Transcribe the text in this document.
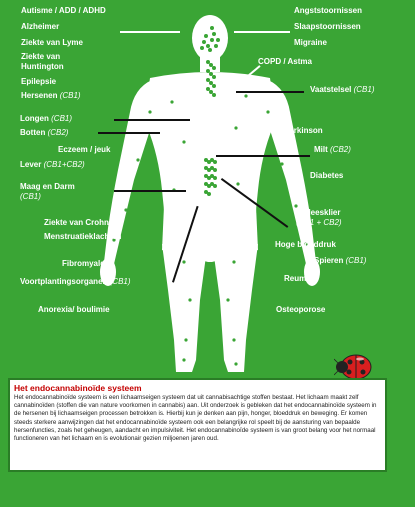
Autisme / ADD / ADHD
Alzheimer
Ziekte van Lyme
Ziekte van Huntington
Epilepsie
Hersenen (CB1)
Longen (CB1)
Botten (CB2)
Eczeem / jeuk
Lever (CB1+CB2)
Maag en Darm
(CB1)
Ziekte van Crohn
Menstruatieklachten
Fibromyalgie
Voortplantingsorganen (CB1)
Anorexia/ boulimie
Angststoornissen
Slaapstoornissen
Migraine
COPD / Astma
Vaatstelsel (CB1)
Parkinson
Milt (CB2)
Diabetes
Alvleesklier
(CB1 + CB2)
Hoge bloeddruk
Spieren (CB1)
Reuma
Osteoporose
Het endocannabinoïde systeem
Het endocannabinoïde systeem is een lichaamseigen systeem dat uit cannabisachtige stoffen bestaat. Het lichaam maakt zelf cannabinoïden (stoffen die van nature voorkomen in cannabis) aan. Uit onderzoek is gebleken dat het endocannabinoïde systeem in de hersenen bij lichaamseigen processen betrokken is. Hierbij kun je denken aan pijn, honger, bloeddruk en beweging. Er komen steeds sterkere aanwijzingen dat het endocannabinoïde systeem ook een belangrijke rol speelt bij de aansturing van bepaalde hersenfuncties, zoals het geheugen, aandacht en impulsiviteit. Het endocannabinoïde systeem is van groot belang voor het normaal functioneren van het lichaam en is evolutionair gezien miljoenen jaren oud.
